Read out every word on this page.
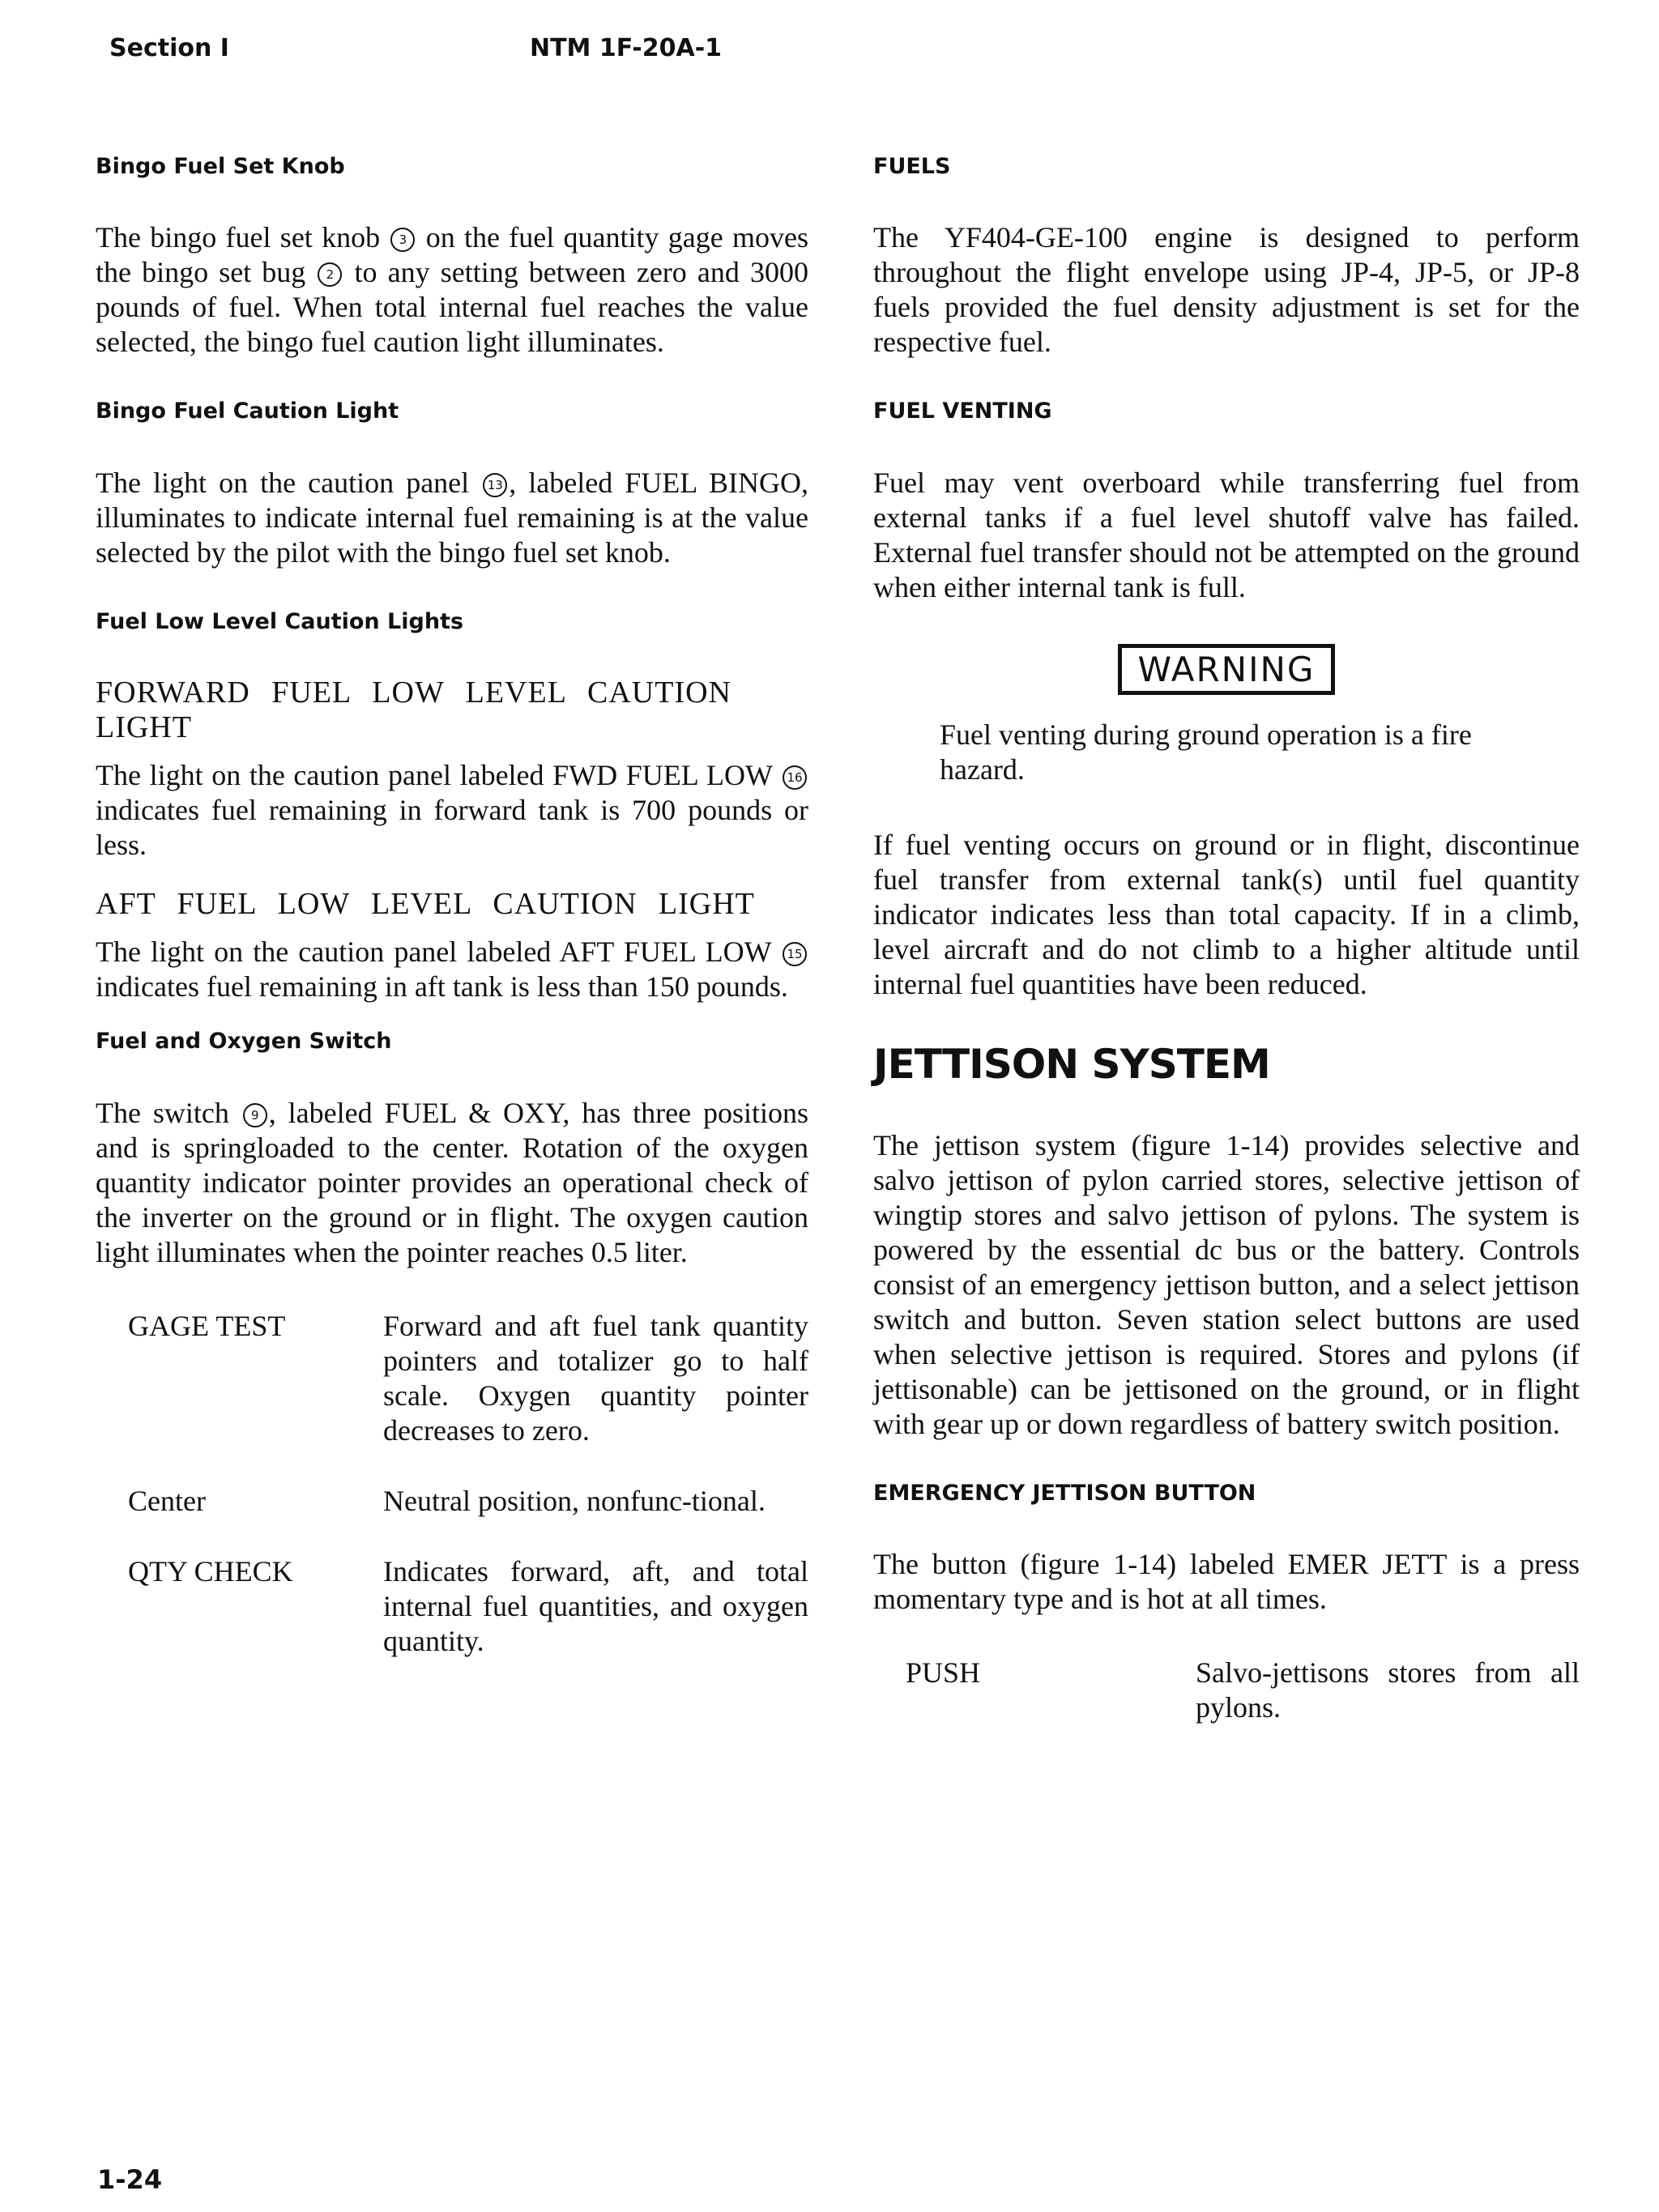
Section I	NTM 1F-20A-1
Bingo Fuel Set Knob
The bingo fuel set knob 3 on the fuel quantity gage moves the bingo set bug 2 to any setting between zero and 3000 pounds of fuel. When total internal fuel reaches the value selected, the bingo fuel caution light illuminates.
Bingo Fuel Caution Light
The light on the caution panel 13 , labeled FUEL BINGO, illuminates to indicate internal fuel remaining is at the value selected by the pilot with the bingo fuel set knob.
Fuel Low Level Caution Lights
FORWARD FUEL LOW LEVEL CAUTION LIGHT
The light on the caution panel labeled FWD FUEL LOW 16 indicates fuel remaining in forward tank is 700 pounds or less.
AFT FUEL LOW LEVEL CAUTION LIGHT
The light on the caution panel labeled AFT FUEL LOW 15 indicates fuel remaining in aft tank is less than 150 pounds.
Fuel and Oxygen Switch
The switch 9 , labeled FUEL & OXY, has three positions and is springloaded to the center. Rotation of the oxygen quantity indicator pointer provides an operational check of the inverter on the ground or in flight. The oxygen caution light illuminates when the pointer reaches 0.5 liter.
GAGE TEST	Forward and aft fuel tank quantity pointers and totalizer go to half scale. Oxygen quantity pointer decreases to zero.
Center	Neutral position, nonfunc-tional.
QTY CHECK	Indicates forward, aft, and total internal fuel quantities, and oxygen quantity.
FUELS
The YF404-GE-100 engine is designed to perform throughout the flight envelope using JP-4, JP-5, or JP-8 fuels provided the fuel density adjustment is set for the respective fuel.
FUEL VENTING
Fuel may vent overboard while transferring fuel from external tanks if a fuel level shutoff valve has failed. External fuel transfer should not be attempted on the ground when either internal tank is full.
WARNING
Fuel venting during ground operation is a fire hazard.
If fuel venting occurs on ground or in flight, discontinue fuel transfer from external tank(s) until fuel quantity indicator indicates less than total capacity. If in a climb, level aircraft and do not climb to a higher altitude until internal fuel quantities have been reduced.
JETTISON SYSTEM
The jettison system (figure 1-14) provides selective and salvo jettison of pylon carried stores, selective jettison of wingtip stores and salvo jettison of pylons. The system is powered by the essential dc bus or the battery. Controls consist of an emergency jettison button, and a select jettison switch and button. Seven station select buttons are used when selective jettison is required. Stores and pylons (if jettisonable) can be jettisoned on the ground, or in flight with gear up or down regardless of battery switch position.
EMERGENCY JETTISON BUTTON
The button (figure 1-14) labeled EMER JETT is a press momentary type and is hot at all times.
PUSH	Salvo-jettisons stores from all pylons.
1-24
